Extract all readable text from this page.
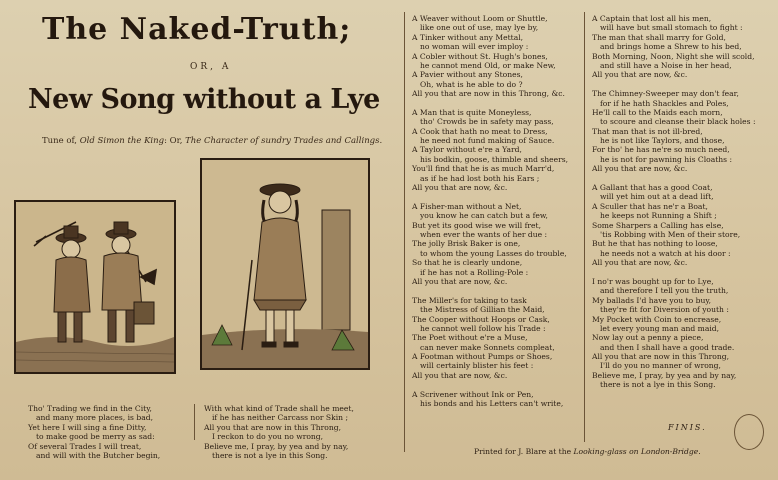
The Naked-Truth;
OR, A
New Song without a Lye
Tune of, Old Simon the King: Or, The Character of sundry Trades and Callings.
Tho' Trading we find in the City,
and many more places, is bad,
Yet here I will sing a fine Ditty,
to make good be merry as sad:
Of several Trades I will treat,
and will with the Butcher begin,
With what kind of Trade shall he meet,
if he has neither Carcass nor Skin ;
All you that are now in this Throng,
I reckon to do you no wrong,
Believe me, I pray, by yea and by nay,
there is not a lye in this Song.
A Weaver without Loom or Shuttle,
like one out of use, may lye by,
A Tinker without any Mettal,
no woman will ever imploy :
A Cobler without St. Hugh's bones,
he cannot mend Old, or make New,
A Pavier without any Stones,
Oh, what is he able to do ?
All you that are now in this Throng, &c.
A Man that is quite Moneyless,
tho' Crowds be in safety may pass,
A Cook that hath no meat to Dress,
he need not fund making of Sauce.
A Taylor without e're a Yard,
his bodkin, goose, thimble and sheers,
You'll find that he is as much Marr'd,
as if he had lost both his Ears ;
All you that are now, &c.
A Fisher-man without a Net,
you know he can catch but a few,
But yet its good wise we will fret,
when ever the wants of her due :
The jolly Brisk Baker is one,
to whom the young Lasses do trouble,
So that he is clearly undone,
if he has not a Rolling-Pole :
All you that are now, &c.
The Miller's for taking to task
the Mistress of Gillian the Maid,
The Cooper without Hoops or Cask,
he cannot well follow his Trade :
The Poet without e're a Muse,
can never make Sonnets compleat,
A Footman without Pumps or Shoes,
will certainly blister his feet :
All you that are now, &c.
A Scrivener without Ink or Pen,
his bonds and his Letters can't write,
A Captain that lost all his men,
will have but small stomach to fight :
The man that shall marry for Gold,
and brings home a Shrew to his bed,
Both Morning, Noon, Night she will scold,
and still have a Noise in her head,
All you that are now, &c.
The Chimney-Sweeper may don't fear,
for if he hath Shackles and Poles,
He'll call to the Maids each morn,
to scoure and cleanse their black holes :
That man that is not ill-bred,
he is not like Taylors, and those,
For tho' he has ne're so much need,
he is not for pawning his Cloaths :
All you that are now, &c.
A Gallant that has a good Coat,
will yet him out at a dead lift,
A Sculler that has ne'r a Boat,
he keeps not Running a Shift ;
Some Sharpers a Calling has else,
'tis Robbing with Men of their store,
But he that has nothing to loose,
he needs not a watch at his door :
All you that are now, &c.
I no'r was bought up for to Lye,
and therefore I tell you the truth,
My ballads I'd have you to buy,
they're fit for Diversion of youth :
My Pocket with Coin to encrease,
let every young man and maid,
Now lay out a penny a piece,
and then I shall have a good trade.
All you that are now in this Throng,
I'll do you no manner of wrong,
Believe me, I pray, by yea and by nay,
there is not a lye in this Song.
FINIS.
Printed for J. Blare at the Looking-glass on London-Bridge.
